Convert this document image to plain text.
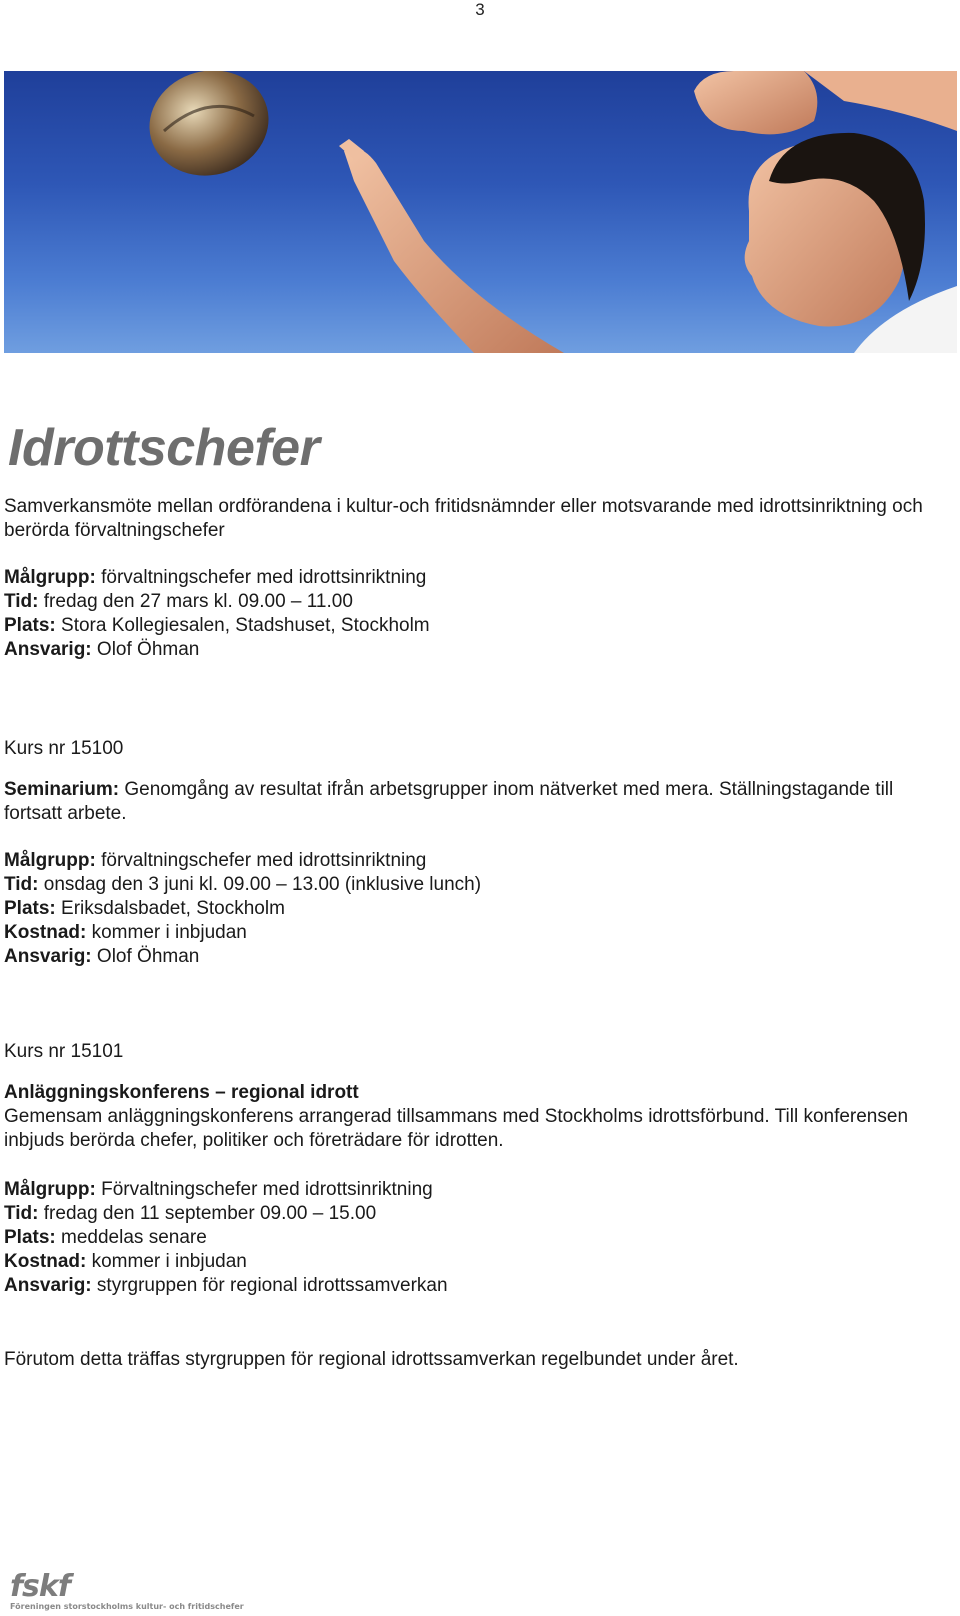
3
Idrottschefer

Samverkansmöte mellan ordförandena i kultur-och fritidsnämnder eller motsvarande med idrottsinriktning och berörda förvaltningschefer

Målgrupp: förvaltningschefer med idrottsinriktning

Tid: fredag den 27 mars kl. 09.00 – 11.00

Plats: Stora Kollegiesalen, Stadshuset, Stockholm

Ansvarig: Olof Öhman

Kurs nr 15100

Seminarium: Genomgång av resultat ifrån arbetsgrupper inom nätverket med mera. Ställningstagande till fortsatt arbete.

Målgrupp: förvaltningschefer med idrottsinriktning

Tid: onsdag den 3 juni kl. 09.00 – 13.00 (inklusive lunch)

Plats: Eriksdalsbadet, Stockholm

Kostnad: kommer i inbjudan

Ansvarig: Olof Öhman

Kurs nr 15101

Anläggningskonferens – regional idrott

Gemensam anläggningskonferens arrangerad tillsammans med Stockholms idrottsförbund. Till konferensen inbjuds berörda chefer, politiker och företrädare för idrotten.

Målgrupp: Förvaltningschefer med idrottsinriktning

Tid: fredag den 11 september 09.00 – 15.00

Plats: meddelas senare

Kostnad: kommer i inbjudan

Ansvarig: styrgruppen för regional idrottssamverkan

Förutom detta träffas styrgruppen för regional idrottssamverkan regelbundet under året.

fskf
Föreningen storstockholms kultur- och fritidschefer
